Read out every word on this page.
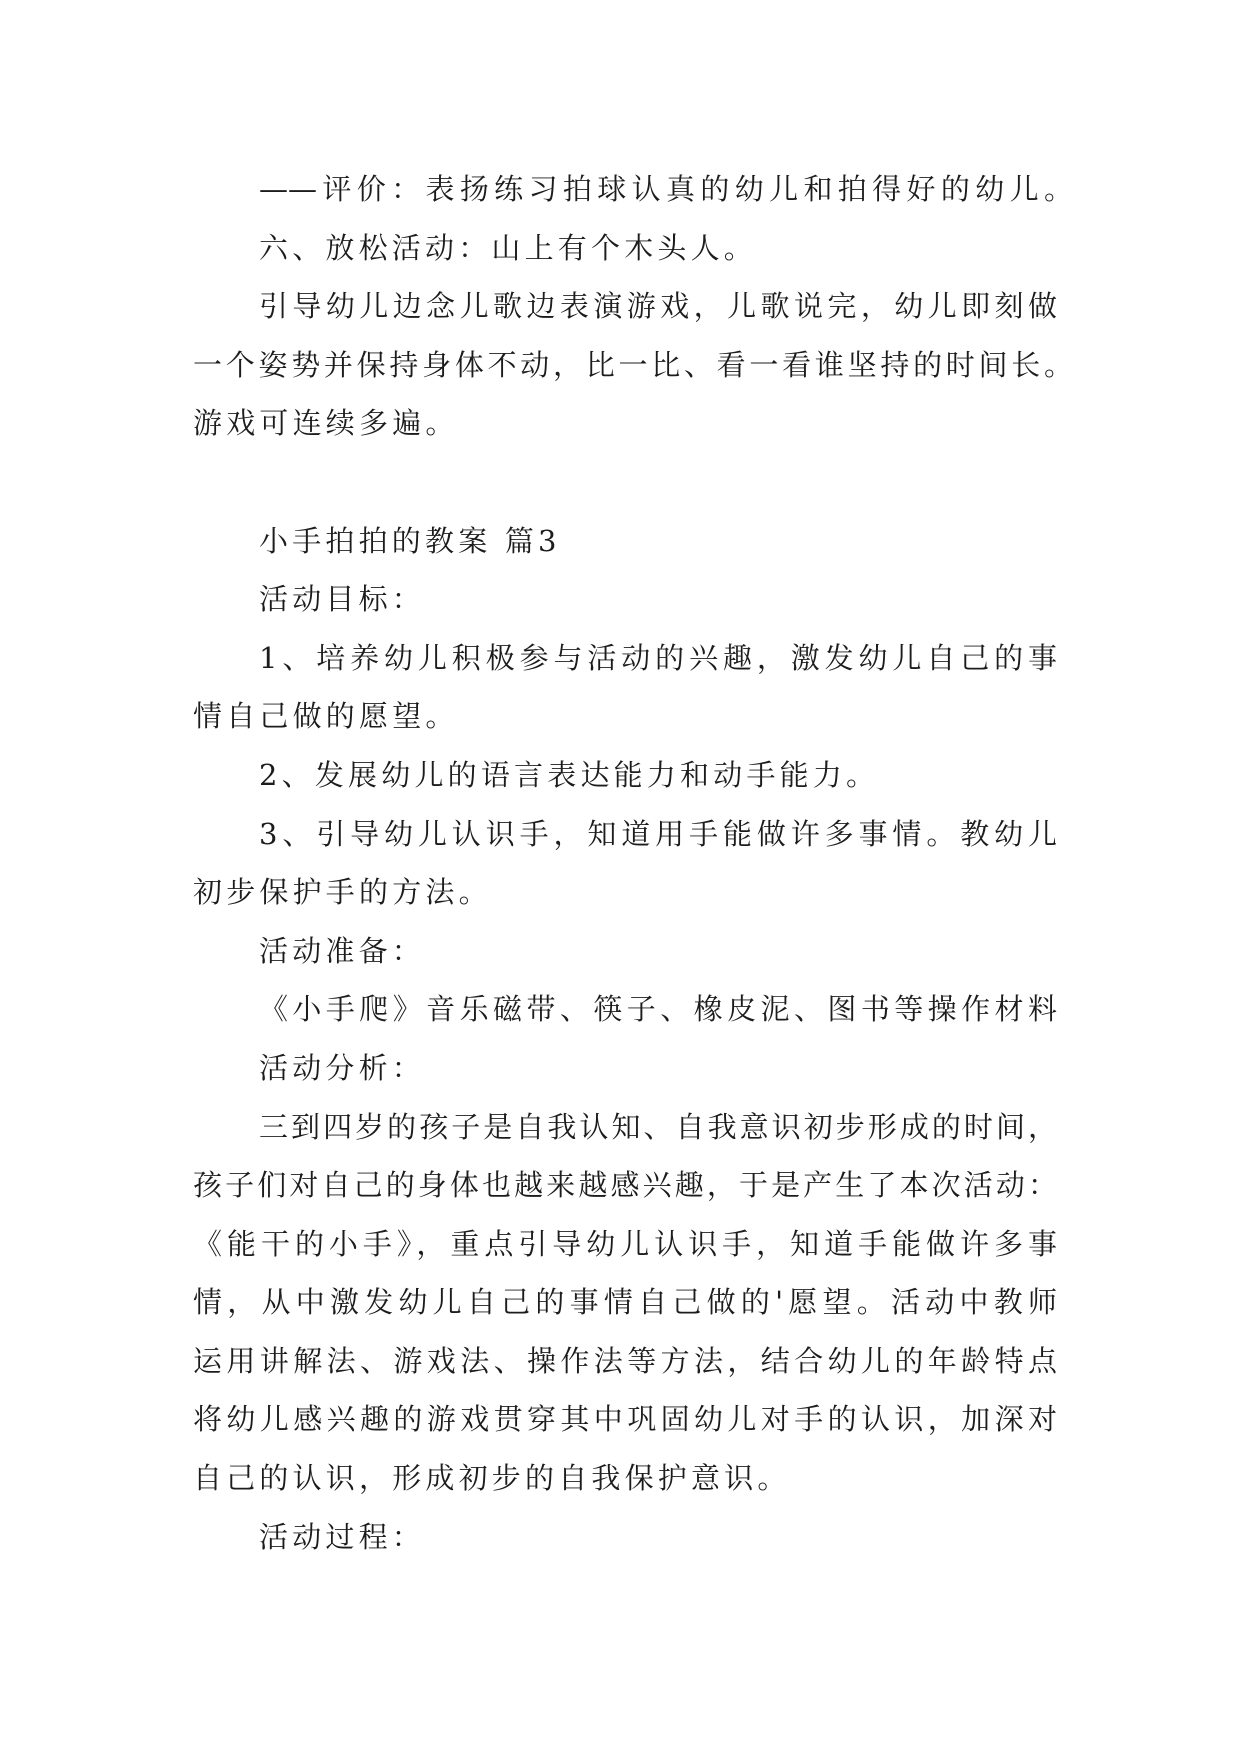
——评价：表扬练习拍球认真的幼儿和拍得好的幼儿。
六、放松活动：山上有个木头人。
引导幼儿边念儿歌边表演游戏，儿歌说完，幼儿即刻做
一个姿势并保持身体不动，比一比、看一看谁坚持的时间长。
游戏可连续多遍。
小手拍拍的教案 篇3
活动目标：
1、培养幼儿积极参与活动的兴趣，激发幼儿自己的事
情自己做的愿望。
2、发展幼儿的语言表达能力和动手能力。
3、引导幼儿认识手，知道用手能做许多事情。教幼儿
初步保护手的方法。
活动准备：
《小手爬》音乐磁带、筷子、橡皮泥、图书等操作材料
活动分析：
三到四岁的孩子是自我认知、自我意识初步形成的时间，
孩子们对自己的身体也越来越感兴趣，于是产生了本次活动：
《能干的小手》，重点引导幼儿认识手，知道手能做许多事
情，从中激发幼儿自己的事情自己做的'愿望。活动中教师
运用讲解法、游戏法、操作法等方法，结合幼儿的年龄特点
将幼儿感兴趣的游戏贯穿其中巩固幼儿对手的认识，加深对
自己的认识，形成初步的自我保护意识。
活动过程：
